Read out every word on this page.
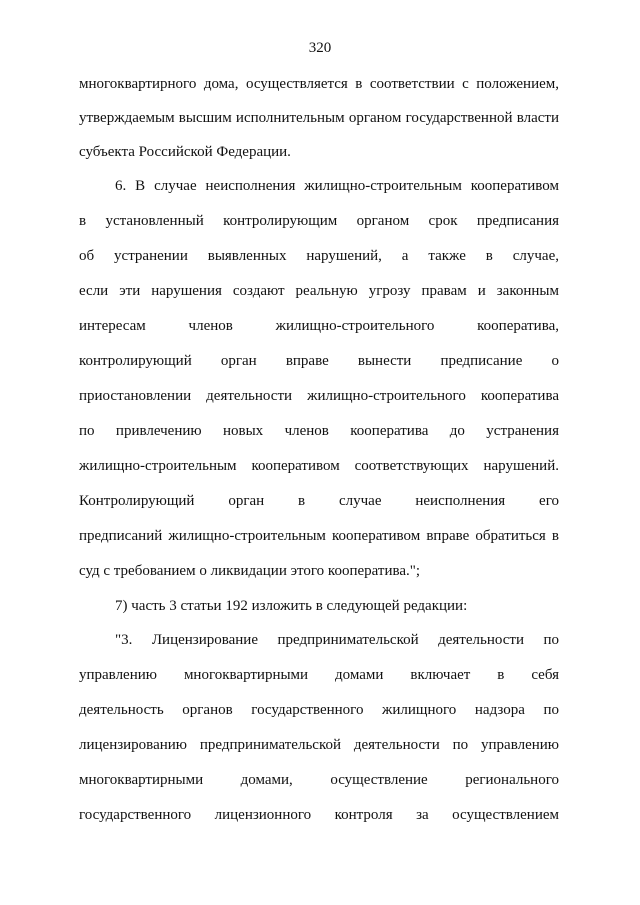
320
многоквартирного дома, осуществляется в соответствии с положением,
утверждаемым высшим исполнительным органом государственной власти
субъекта Российской Федерации.
6. В случае неисполнения жилищно-строительным кооперативом
в установленный контролирующим органом срок предписания
об устранении выявленных нарушений, а также в случае,
если эти нарушения создают реальную угрозу правам и законным
интересам членов жилищно-строительного кооператива,
контролирующий орган вправе вынести предписание о
приостановлении деятельности жилищно-строительного кооператива
по привлечению новых членов кооператива до устранения
жилищно-строительным кооперативом соответствующих нарушений.
Контролирующий орган в случае неисполнения его
предписаний жилищно-строительным кооперативом вправе обратиться в
суд с требованием о ликвидации этого кооператива.";
7) часть 3 статьи 192 изложить в следующей редакции:
"3. Лицензирование предпринимательской деятельности по
управлению многоквартирными домами включает в себя
деятельность органов государственного жилищного надзора по
лицензированию предпринимательской деятельности по управлению
многоквартирными домами, осуществление регионального
государственного лицензионного контроля за осуществлением
